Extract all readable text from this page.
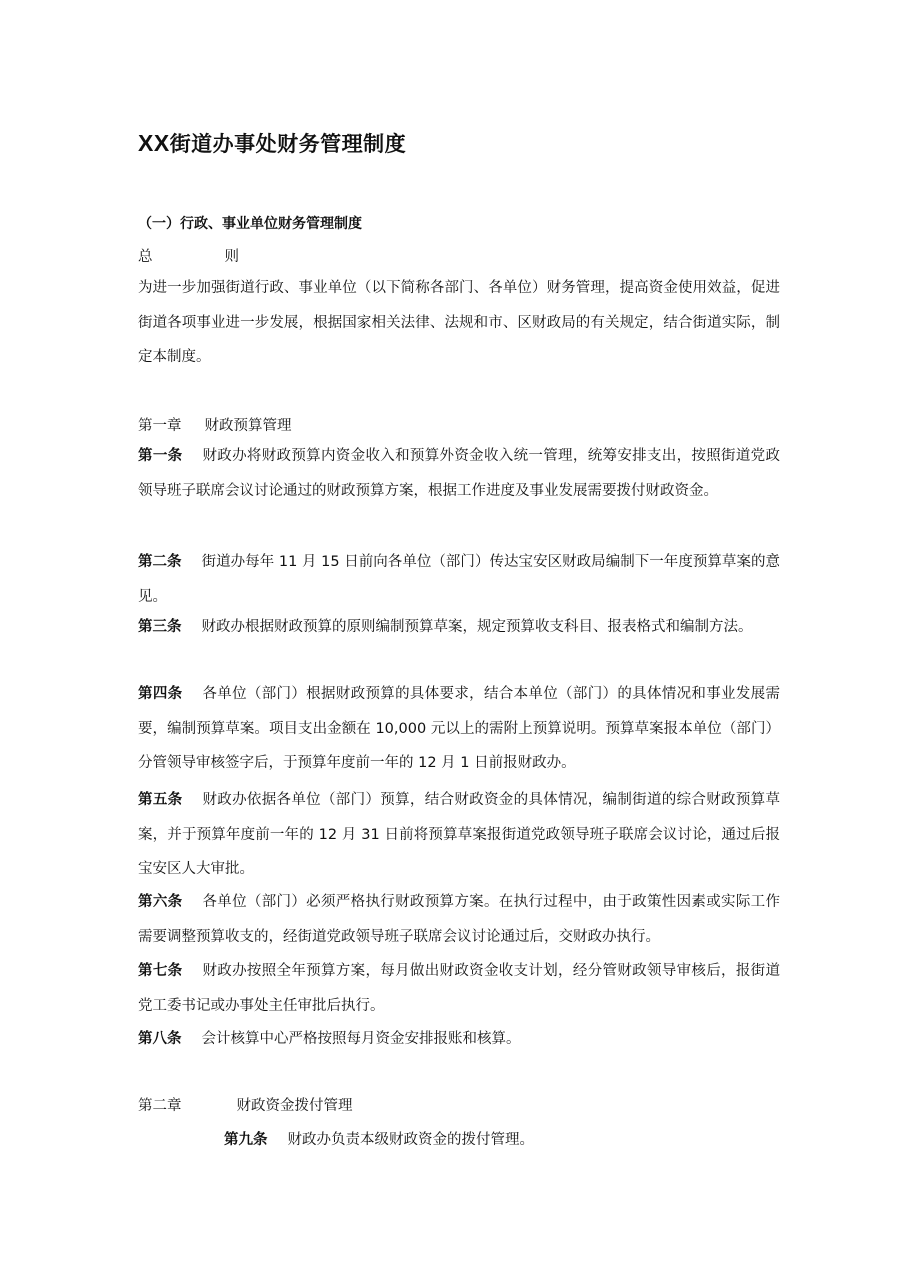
XX街道办事处财务管理制度
（一）行政、事业单位财务管理制度
总	则
为进一步加强街道行政、事业单位（以下简称各部门、各单位）财务管理，提高资金使用效益，促进街道各项事业进一步发展，根据国家相关法律、法规和市、区财政局的有关规定，结合街道实际，制定本制度。
第一章 财政预算管理
第一条 财政办将财政预算内资金收入和预算外资金收入统一管理，统筹安排支出，按照街道党政领导班子联席会议讨论通过的财政预算方案，根据工作进度及事业发展需要拨付财政资金。
第二条 街道办每年 11 月 15 日前向各单位（部门）传达宝安区财政局编制下一年度预算草案的意见。
第三条 财政办根据财政预算的原则编制预算草案，规定预算收支科目、报表格式和编制方法。
第四条 各单位（部门）根据财政预算的具体要求，结合本单位（部门）的具体情况和事业发展需要，编制预算草案。项目支出金额在 10,000 元以上的需附上预算说明。预算草案报本单位（部门）分管领导审核签字后，于预算年度前一年的 12 月 1 日前报财政办。
第五条 财政办依据各单位（部门）预算，结合财政资金的具体情况，编制街道的综合财政预算草案，并于预算年度前一年的 12 月 31 日前将预算草案报街道党政领导班子联席会议讨论，通过后报宝安区人大审批。
第六条 各单位（部门）必须严格执行财政预算方案。在执行过程中，由于政策性因素或实际工作需要调整预算收支的，经街道党政领导班子联席会议讨论通过后，交财政办执行。
第七条 财政办按照全年预算方案，每月做出财政资金收支计划，经分管财政领导审核后，报街道党工委书记或办事处主任审批后执行。
第八条 会计核算中心严格按照每月资金安排报账和核算。
第二章	财政资金拨付管理
第九条 财政办负责本级财政资金的拨付管理。
